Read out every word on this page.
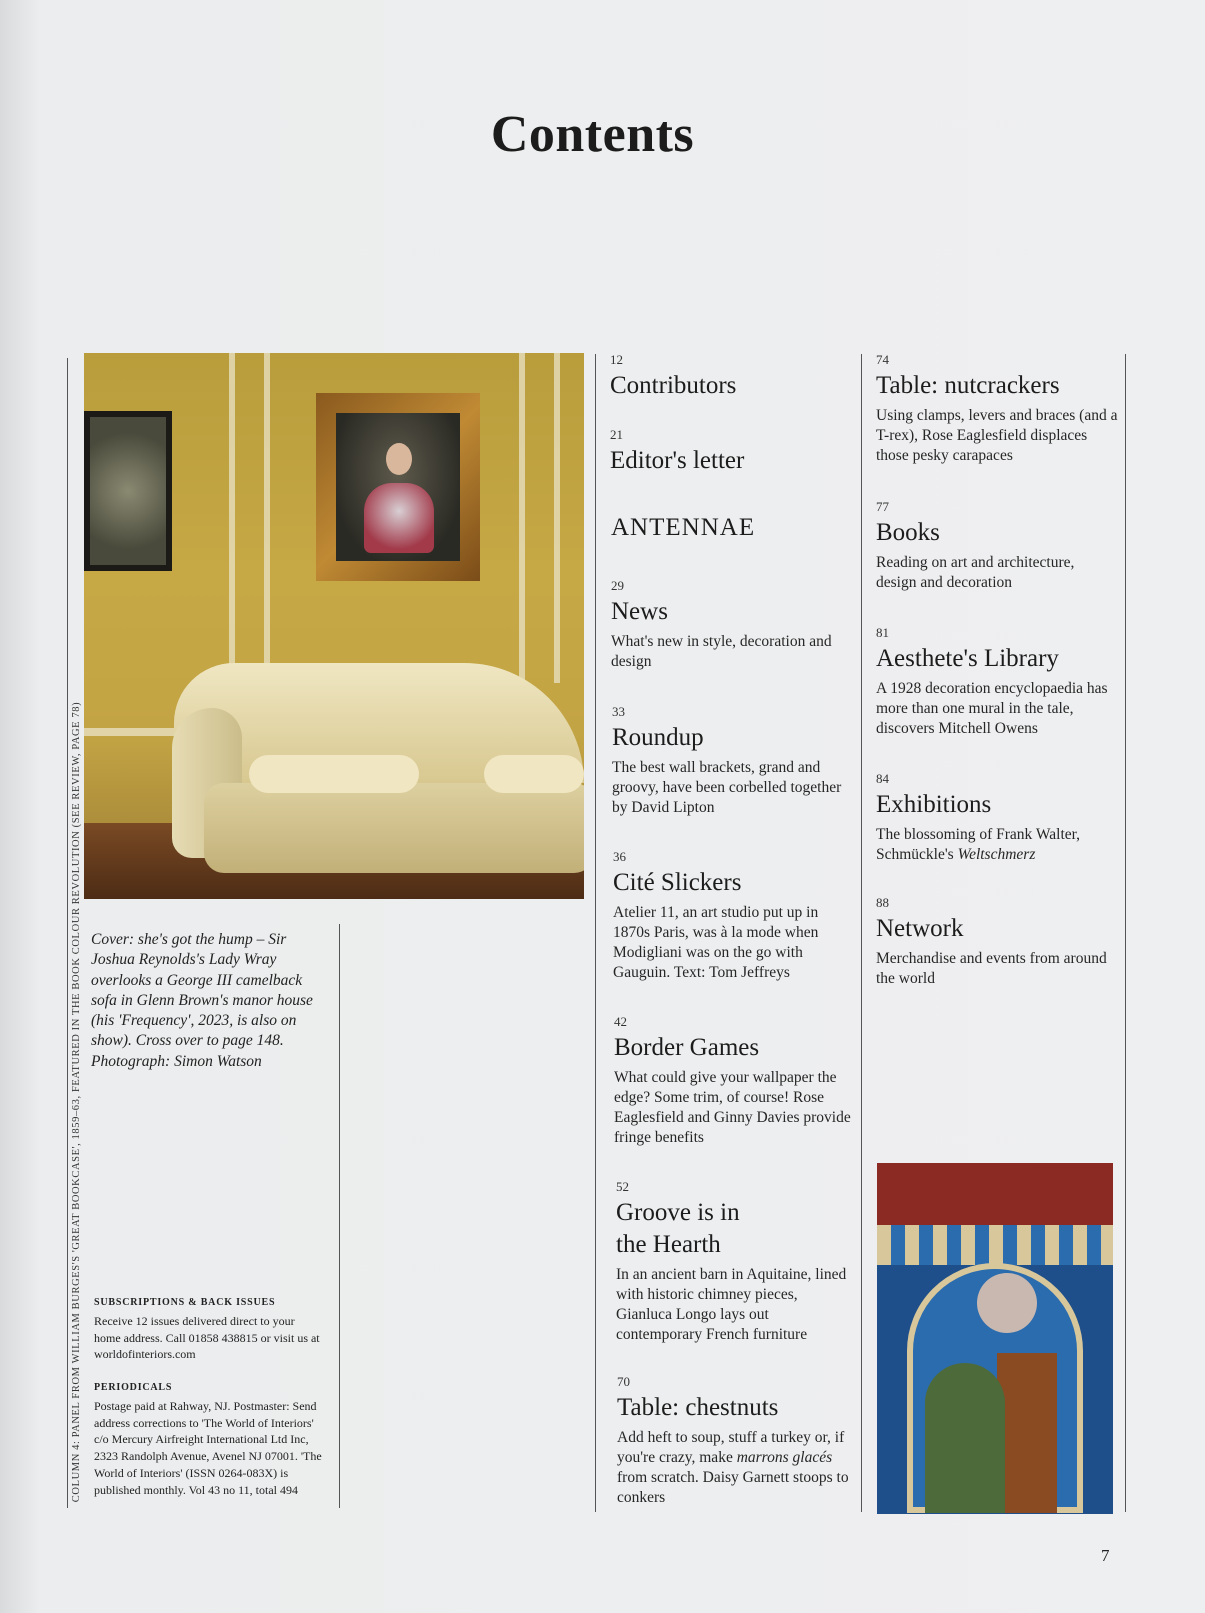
Contents
COLUMN 4: PANEL FROM WILLIAM BURGES'S 'GREAT BOOKCASE', 1859–63, FEATURED IN THE BOOK COLOUR REVOLUTION (SEE REVIEW, PAGE 78) Cover: she's got the hump – Sir Joshua Reynolds's Lady Wray overlooks a George III camelback sofa in Glenn Brown's manor house (his 'Frequency', 2023, is also on show). Cross over to page 148. Photograph: Simon Watson
SUBSCRIPTIONS & BACK ISSUES
Receive 12 issues delivered direct to your home address. Call 01858 438815 or visit us at worldofinteriors.com
PERIODICALS
Postage paid at Rahway, NJ. Postmaster: Send address corrections to 'The World of Interiors' c/o Mercury Airfreight International Ltd Inc, 2323 Randolph Avenue, Avenel NJ 07001. 'The World of Interiors' (ISSN 0264-083X) is published monthly. Vol 43 no 11, total 494
12
Contributors
21
Editor's letter
ANTENNAE
29
News
What's new in style, decoration and design
33
Roundup
The best wall brackets, grand and groovy, have been corbelled together by David Lipton
36
Cité Slickers
Atelier 11, an art studio put up in 1870s Paris, was à la mode when Modigliani was on the go with Gauguin. Text: Tom Jeffreys
42
Border Games
What could give your wallpaper the edge? Some trim, of course! Rose Eaglesfield and Ginny Davies provide fringe benefits
52
Groove is in
the Hearth
In an ancient barn in Aquitaine, lined with historic chimney pieces, Gianluca Longo lays out contemporary French furniture
70
Table: chestnuts
Add heft to soup, stuff a turkey or, if you're crazy, make marrons glacés from scratch. Daisy Garnett stoops to conkers
74
Table: nutcrackers
Using clamps, levers and braces (and a T-rex), Rose Eaglesfield displaces those pesky carapaces
77
Books
Reading on art and architecture, design and decoration
81
Aesthete's Library
A 1928 decoration encyclopaedia has more than one mural in the tale, discovers Mitchell Owens
84
Exhibitions
The blossoming of Frank Walter, Schmückle's Weltschmerz
88
Network
Merchandise and events from around the world
7
